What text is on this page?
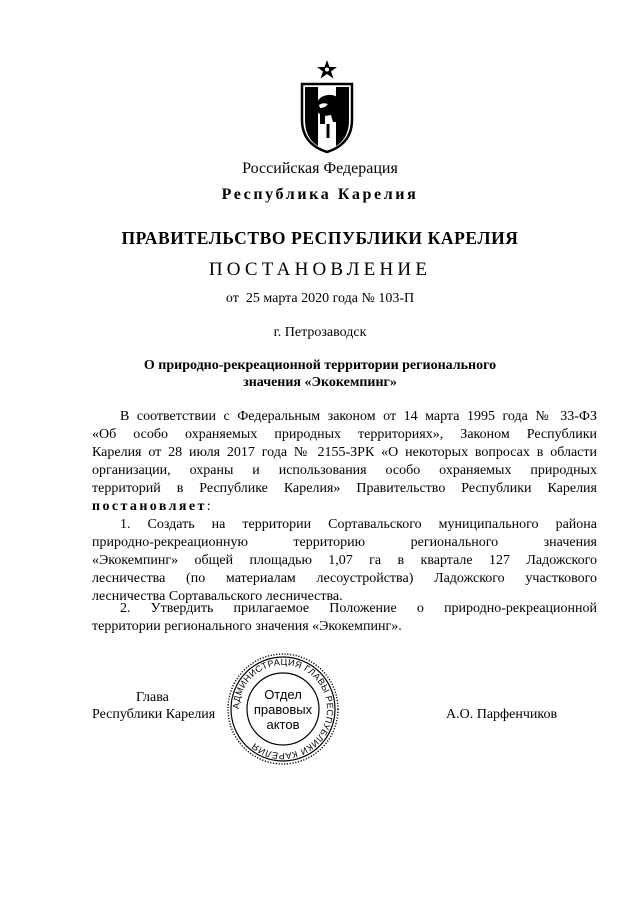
Российская Федерация
Республика Карелия
ПРАВИТЕЛЬСТВО РЕСПУБЛИКИ КАРЕЛИЯ
ПОСТАНОВЛЕНИЕ
от  25 марта 2020 года № 103-П
г. Петрозаводск
О природно-рекреационной территории регионального
значения «Экокемпинг»
В соответствии с Федеральным законом от 14 марта 1995 года № 33-ФЗ
«Об особо охраняемых природных территориях», Законом Республики
Карелия от 28 июля 2017 года № 2155-ЗРК «О некоторых вопросах в области
организации, охраны и использования особо охраняемых природных
территорий в Республике Карелия» Правительство Республики Карелия
постановляет:
1. Создать на территории Сортавальского муниципального района
природно-рекреационную территорию регионального значения
«Экокемпинг» общей площадью 1,07 га в квартале 127 Ладожского
лесничества (по материалам лесоустройства) Ладожского участкового
лесничества Сортавальского лесничества.
2. Утвердить прилагаемое Положение о природно-рекреационной
территории регионального значения «Экокемпинг».
Глава
Республики Карелия	А.О. Парфенчиков
АДМИНИСТРАЦИЯ ГЛАВЫ РЕСПУБЛИКИ КАРЕЛИЯ
Отдел
правовых
актов
